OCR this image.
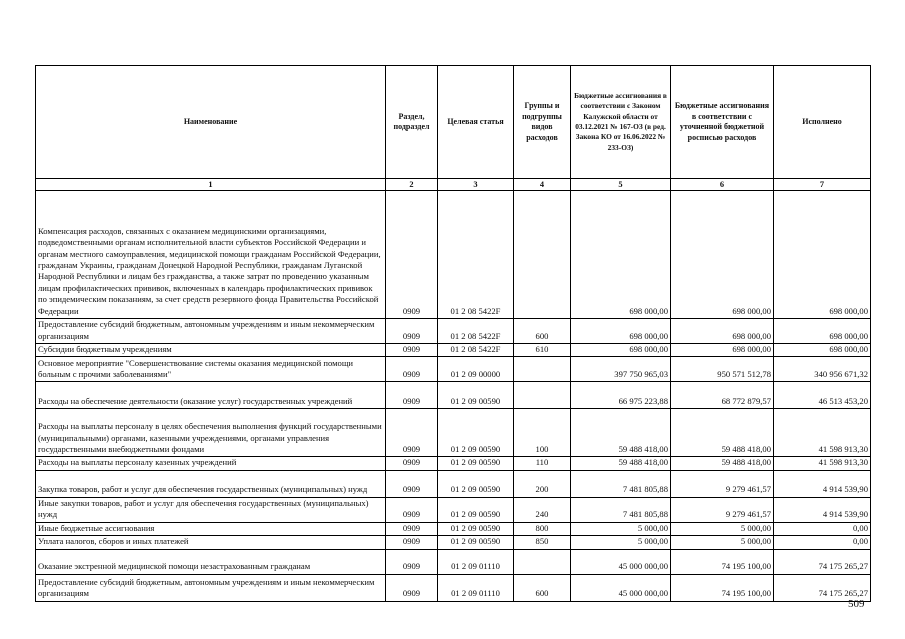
Наименование	Раздел, подраздел	Целевая статья	Группы и подгруппы видов расходов	Бюджетные ассигнования в соответствии с Законом Калужской области от 03.12.2021 № 167-ОЗ (в ред. Закона КО от 16.06.2022 № 233-ОЗ)	Бюджетные ассигнования в соответствии с уточненной бюджетной росписью расходов	Исполнено
1	2	3	4	5	6	7
Компенсация расходов, связанных с оказанием медицинскими организациями, подведомственными органам исполнительной власти субъектов Российской Федерации и органам местного самоуправления, медицинской помощи гражданам Российской Федерации, гражданам Украины, гражданам Донецкой Народной Республики, гражданам Луганской Народной Республики и лицам без гражданства, а также затрат по проведению указанным лицам профилактических прививок, включенных в календарь профилактических прививок по эпидемическим показаниям, за счет средств резервного фонда Правительства Российской Федерации	0909	01 2 08 5422F		698 000,00	698 000,00	698 000,00
Предоставление субсидий бюджетным, автономным учреждениям и иным некоммерческим организациям	0909	01 2 08 5422F	600	698 000,00	698 000,00	698 000,00
Субсидии бюджетным учреждениям	0909	01 2 08 5422F	610	698 000,00	698 000,00	698 000,00
Основное мероприятие "Совершенствование системы оказания медицинской помощи больным с прочими заболеваниями"	0909	01 2 09 00000		397 750 965,03	950 571 512,78	340 956 671,32
Расходы на обеспечение деятельности (оказание услуг) государственных учреждений	0909	01 2 09 00590		66 975 223,88	68 772 879,57	46 513 453,20
Расходы на выплаты персоналу в целях обеспечения выполнения функций государственными (муниципальными) органами, казенными учреждениями, органами управления государственными внебюджетными фондами	0909	01 2 09 00590	100	59 488 418,00	59 488 418,00	41 598 913,30
Расходы на выплаты персоналу казенных учреждений	0909	01 2 09 00590	110	59 488 418,00	59 488 418,00	41 598 913,30
Закупка товаров, работ и услуг для обеспечения государственных (муниципальных) нужд	0909	01 2 09 00590	200	7 481 805,88	9 279 461,57	4 914 539,90
Иные закупки товаров, работ и услуг для обеспечения государственных (муниципальных) нужд	0909	01 2 09 00590	240	7 481 805,88	9 279 461,57	4 914 539,90
Иные бюджетные ассигнования	0909	01 2 09 00590	800	5 000,00	5 000,00	0,00
Уплата налогов, сборов и иных платежей	0909	01 2 09 00590	850	5 000,00	5 000,00	0,00
Оказание экстренной медицинской помощи незастрахованным гражданам	0909	01 2 09 01110		45 000 000,00	74 195 100,00	74 175 265,27
Предоставление субсидий бюджетным, автономным учреждениям и иным некоммерческим организациям	0909	01 2 09 01110	600	45 000 000,00	74 195 100,00	74 175 265,27
509
